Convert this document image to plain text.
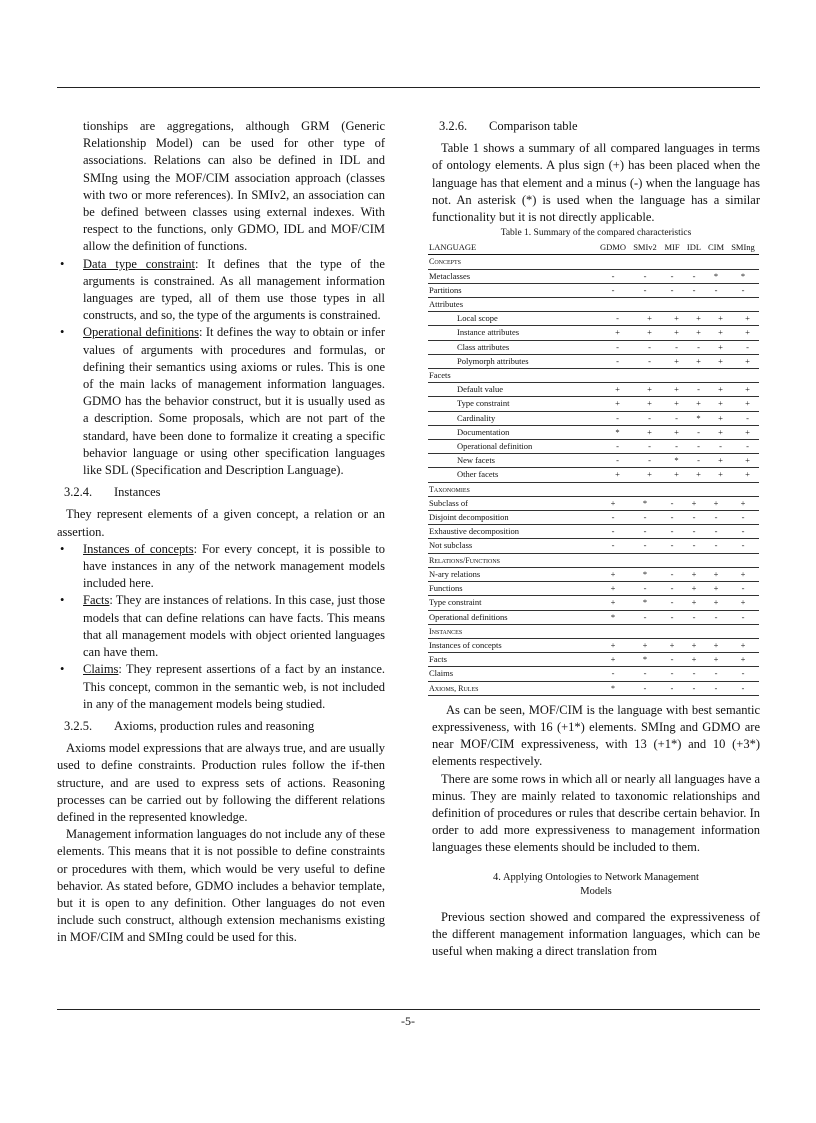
tionships are aggregations, although GRM (Generic Relationship Model) can be used for other type of associations. Relations can also be defined in IDL and SMIng using the MOF/CIM association approach (classes with two or more references). In SMIv2, an association can be defined between classes using external indexes. With respect to the functions, only GDMO, IDL and MOF/CIM allow the definition of functions.

• Data type constraint: It defines that the type of the arguments is constrained. As all management information languages are typed, all of them use those types in all constructs, and so, the type of the arguments is constrained.
• Operational definitions: It defines the way to obtain or infer values of arguments with procedures and formulas, or defining their semantics using axioms or rules. This is one of the main lacks of management information languages. GDMO has the behavior construct, but it is usually used as a description. Some proposals, which are not part of the standard, have been done to formalize it creating a specific behavior language or using other specification languages like SDL (Specification and Description Language).

3.2.4. Instances

They represent elements of a given concept, a relation or an assertion.

• Instances of concepts: For every concept, it is possible to have instances in any of the network management models included here.
• Facts: They are instances of relations. In this case, just those models that can define relations can have facts. This means that all management models with object oriented languages can have them.
• Claims: They represent assertions of a fact by an instance. This concept, common in the semantic web, is not included in any of the management models being studied.

3.2.5. Axioms, production rules and reasoning

Axioms model expressions that are always true, and are usually used to define constraints. Production rules follow the if-then structure, and are used to express sets of actions. Reasoning processes can be carried out by following the different relations defined in the represented knowledge.

Management information languages do not include any of these elements. This means that it is not possible to define constraints or procedures with them, which would be very useful to define behavior. As stated before, GDMO includes a behavior template, but it is open to any definition. Other languages do not even include such construct, although extension mechanisms existing in MOF/CIM and SMIng could be used for this.

3.2.6. Comparison table

Table 1 shows a summary of all compared languages in terms of ontology elements. A plus sign (+) has been placed when the language has that element and a minus (-) when the language has not. An asterisk (*) is used when the language has a similar functionality but it is not directly applicable.

Table 1. Summary of the compared characteristics

LANGUAGE	GDMO	SMIv2	MIF	IDL	CIM	SMIng
Concepts						
Metaclasses	-	-	-	-	*	*
Partitions	-	-	-	-	-	-
Attributes						
Local scope	-	+	+	+	+	+
Instance attributes	+	+	+	+	+	+
Class attributes	-	-	-	-	+	-
Polymorph attributes	-	-	+	+	+	+
Facets						
Default value	+	+	+	-	+	+
Type constraint	+	+	+	+	+	+
Cardinality	-	-	-	*	+	-
Documentation	*	+	+	-	+	+
Operational definition	-	-	-	-	-	-
New facets	-	-	*	-	+	+
Other facets	+	+	+	+	+	+
Taxonomies						
Subclass of	+	*	-	+	+	+
Disjoint decomposition	-	-	-	-	-	-
Exhaustive decomposition	-	-	-	-	-	-
Not subclass	-	-	-	-	-	-
Relations/Functions						
N-ary relations	+	*	-	+	+	+
Functions	+	-	-	+	+	-
Type constraint	+	*	-	+	+	+
Operational definitions	*	-	-	-	-	-
Instances						
Instances of concepts	+	+	+	+	+	+
Facts	+	*	-	+	+	+
Claims	-	-	-	-	-	-
Axioms, Rules	*	-	-	-	-	-

As can be seen, MOF/CIM is the language with best semantic expressiveness, with 16 (+1*) elements. SMIng and GDMO are near MOF/CIM expressiveness, with 13 (+1*) and 10 (+3*) elements respectively.

There are some rows in which all or nearly all languages have a minus. They are mainly related to taxonomic relationships and definition of procedures or rules that describe certain behavior. In order to add more expressiveness to management information languages these elements should be included to them.

4. Applying Ontologies to Network Management
Models

Previous section showed and compared the expressiveness of the different management information languages, which can be useful when making a direct translation from

-5-
